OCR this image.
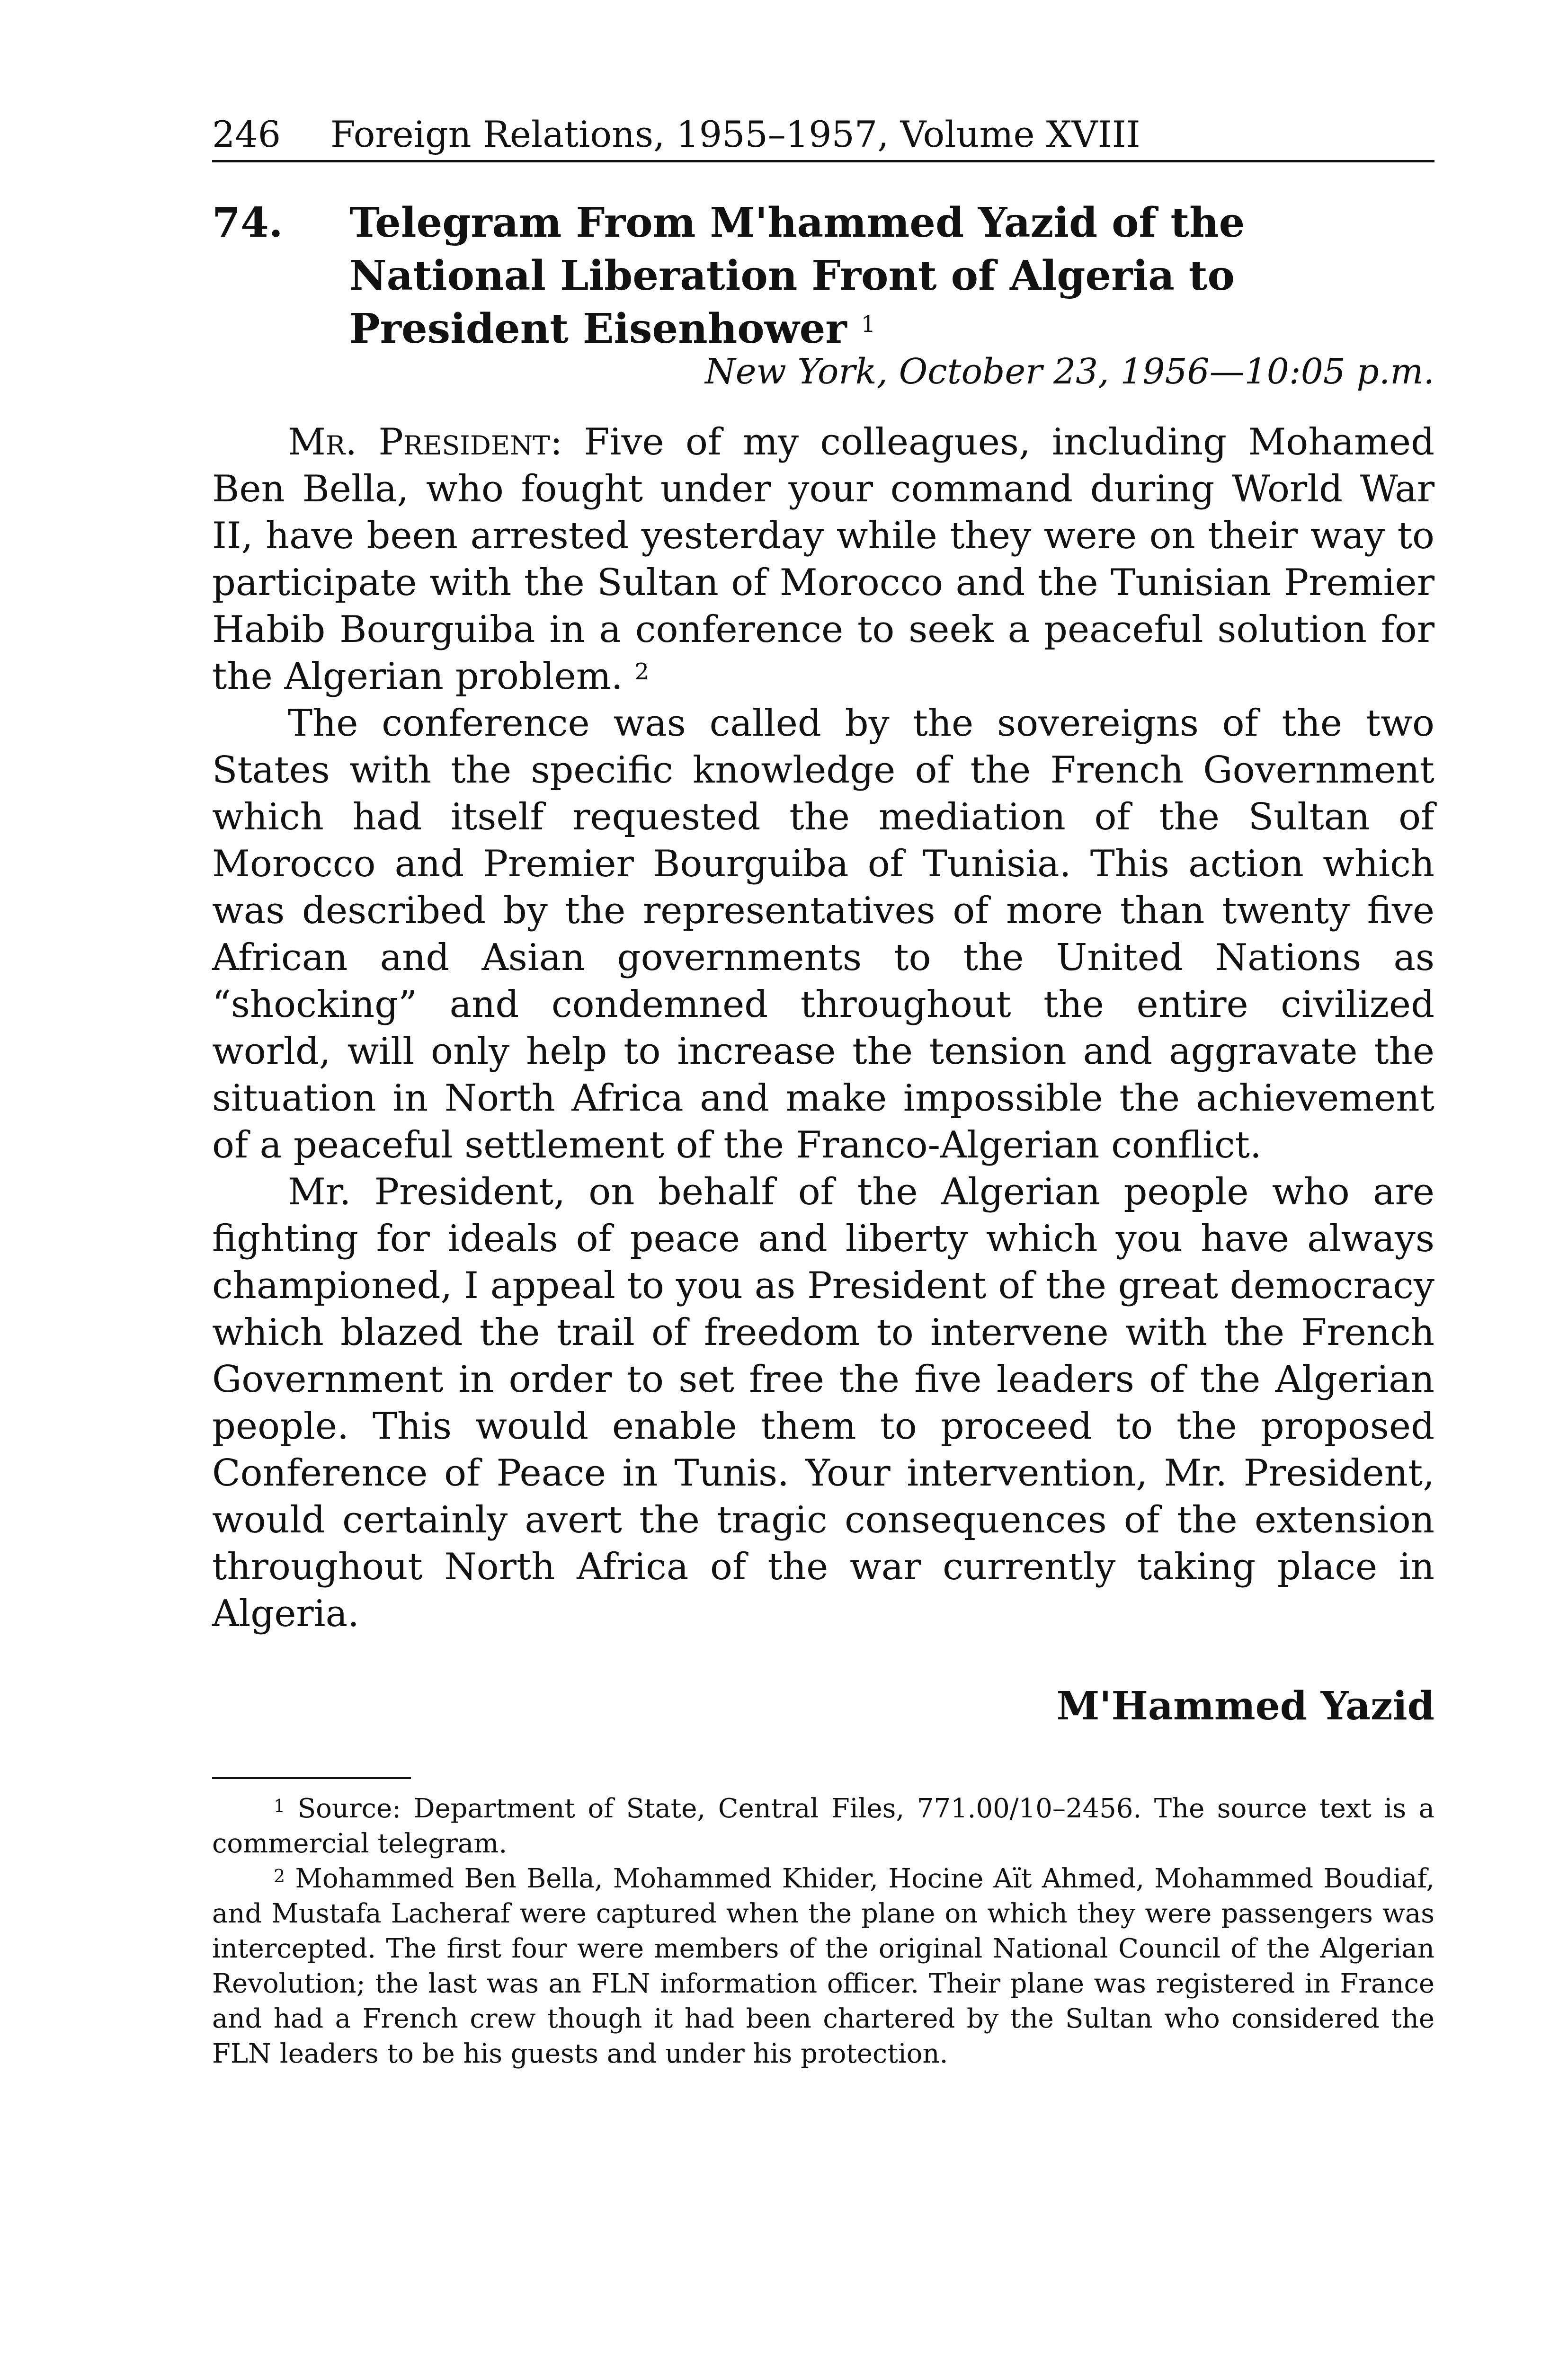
246 Foreign Relations, 1955–1957, Volume XVIII
74. Telegram From M'hammed Yazid of the National Liberation Front of Algeria to President Eisenhower $^1$
New York, October 23, 1956—10:05 p.m.

Mr. President: Five of my colleagues, including Mohamed Ben Bella, who fought under your command during World War II, have been arrested yesterday while they were on their way to participate with the Sultan of Morocco and the Tunisian Premier Habib Bourguiba in a conference to seek a peaceful solution for the Algerian problem. $^2$

The conference was called by the sovereigns of the two States with the specific knowledge of the French Government which had itself requested the mediation of the Sultan of Morocco and Premier Bourguiba of Tunisia. This action which was described by the representatives of more than twenty five African and Asian governments to the United Nations as “shocking” and condemned throughout the entire civilized world, will only help to increase the tension and aggravate the situation in North Africa and make impossible the achievement of a peaceful settlement of the Franco-Algerian conflict.

Mr. President, on behalf of the Algerian people who are fighting for ideals of peace and liberty which you have always championed, I appeal to you as President of the great democracy which blazed the trail of freedom to intervene with the French Government in order to set free the five leaders of the Algerian people. This would enable them to proceed to the proposed Conference of Peace in Tunis. Your intervention, Mr. President, would certainly avert the tragic consequences of the extension throughout North Africa of the war currently taking place in Algeria.

M'Hammed Yazid

$^1$ Source: Department of State, Central Files, 771.00/10–2456. The source text is a commercial telegram.

$^2$ Mohammed Ben Bella, Mohammed Khider, Hocine Aït Ahmed, Mohammed Boudiaf, and Mustafa Lacheraf were captured when the plane on which they were passengers was intercepted. The first four were members of the original National Council of the Algerian Revolution; the last was an FLN information officer. Their plane was registered in France and had a French crew though it had been chartered by the Sultan who considered the FLN leaders to be his guests and under his protection.
